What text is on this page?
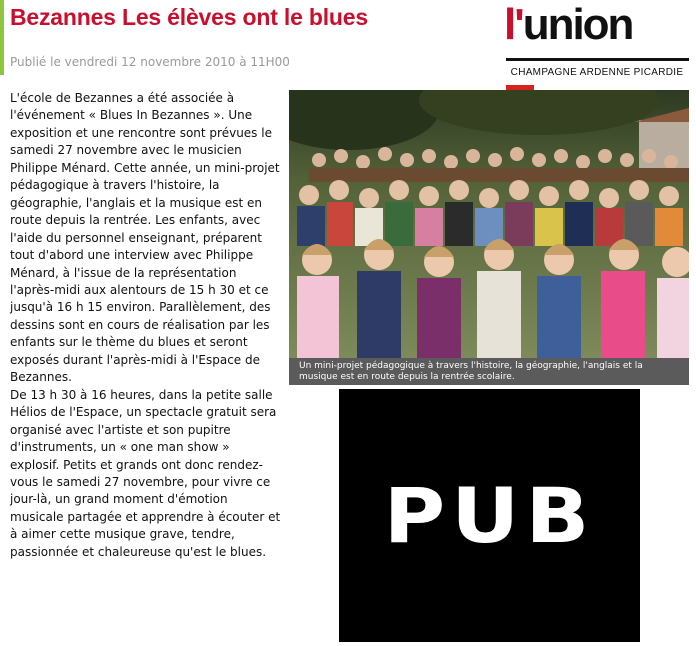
Bezannes Les élèves ont le blues
Publié le vendredi 12 novembre 2010 à 11H00
l'union
CHAMPAGNE ARDENNE PICARDIE

L'école de Bezannes a été associée à l'événement « Blues In Bezannes ». Une exposition et une rencontre sont prévues le samedi 27 novembre avec le musicien Philippe Ménard. Cette année, un mini-projet pédagogique à travers l'histoire, la géographie, l'anglais et la musique est en route depuis la rentrée. Les enfants, avec l'aide du personnel enseignant, préparent tout d'abord une interview avec Philippe Ménard, à l'issue de la représentation l'après-midi aux alentours de 15 h 30 et ce jusqu'à 16 h 15 environ. Parallèlement, des dessins sont en cours de réalisation par les enfants sur le thème du blues et seront exposés durant l'après-midi à l'Espace de Bezannes.

De 13 h 30 à 16 heures, dans la petite salle Hélios de l'Espace, un spectacle gratuit sera organisé avec l'artiste et son pupitre d'instruments, un « one man show » explosif. Petits et grands ont donc rendez-vous le samedi 27 novembre, pour vivre ce jour-là, un grand moment d'émotion musicale partagée et apprendre à écouter et à aimer cette musique grave, tendre, passionnée et chaleureuse qu'est le blues.

Un mini-projet pédagogique à travers l'histoire, la géographie, l'anglais et la musique est en route depuis la rentrée scolaire.
PUB
